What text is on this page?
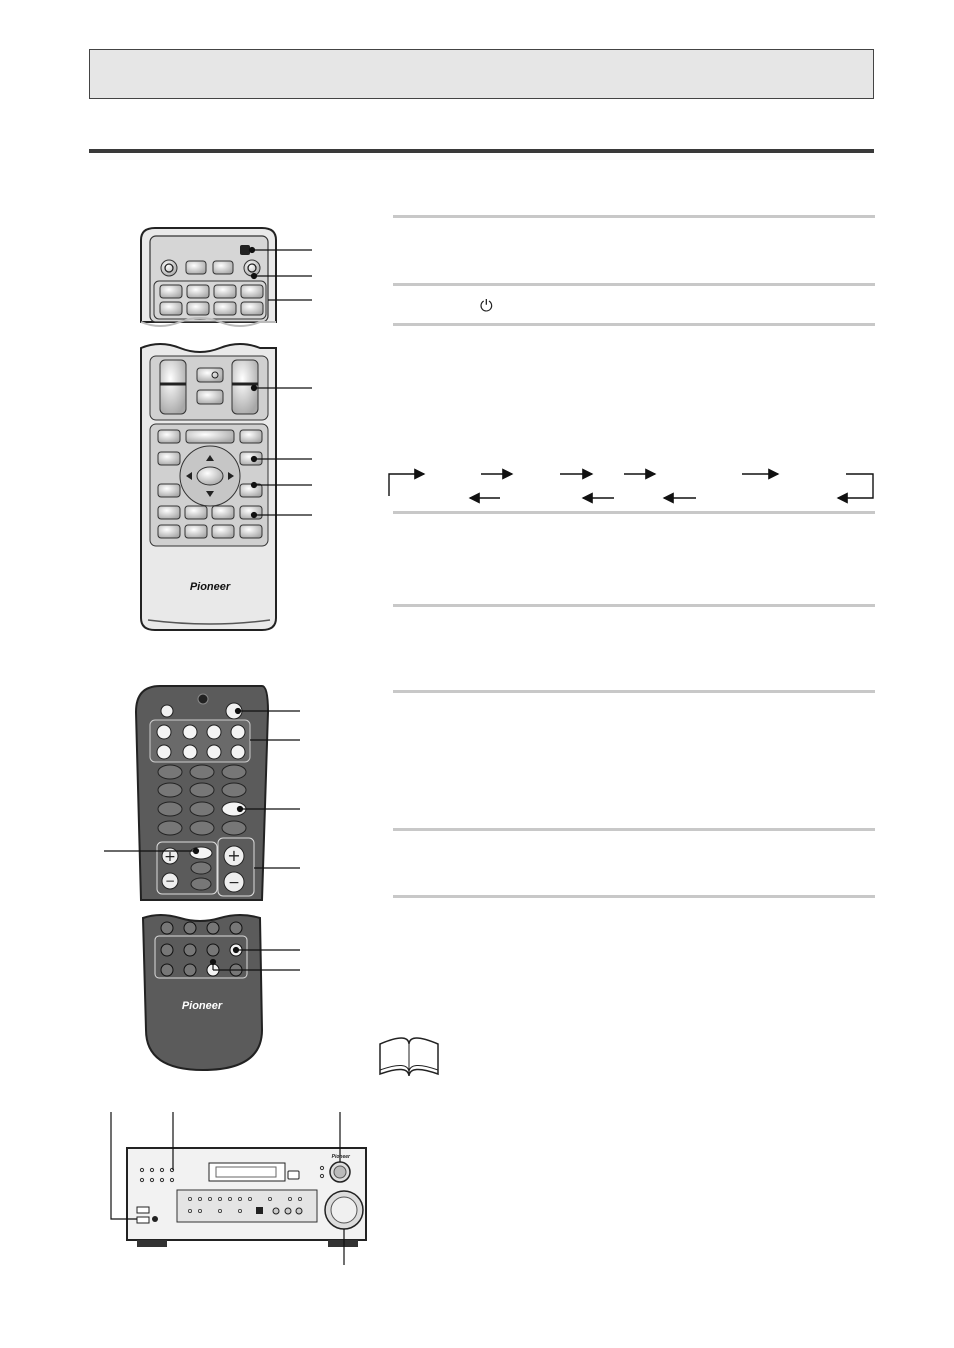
⏻
Pioneer
+
−
+
−
Pioneer
Pioneer
